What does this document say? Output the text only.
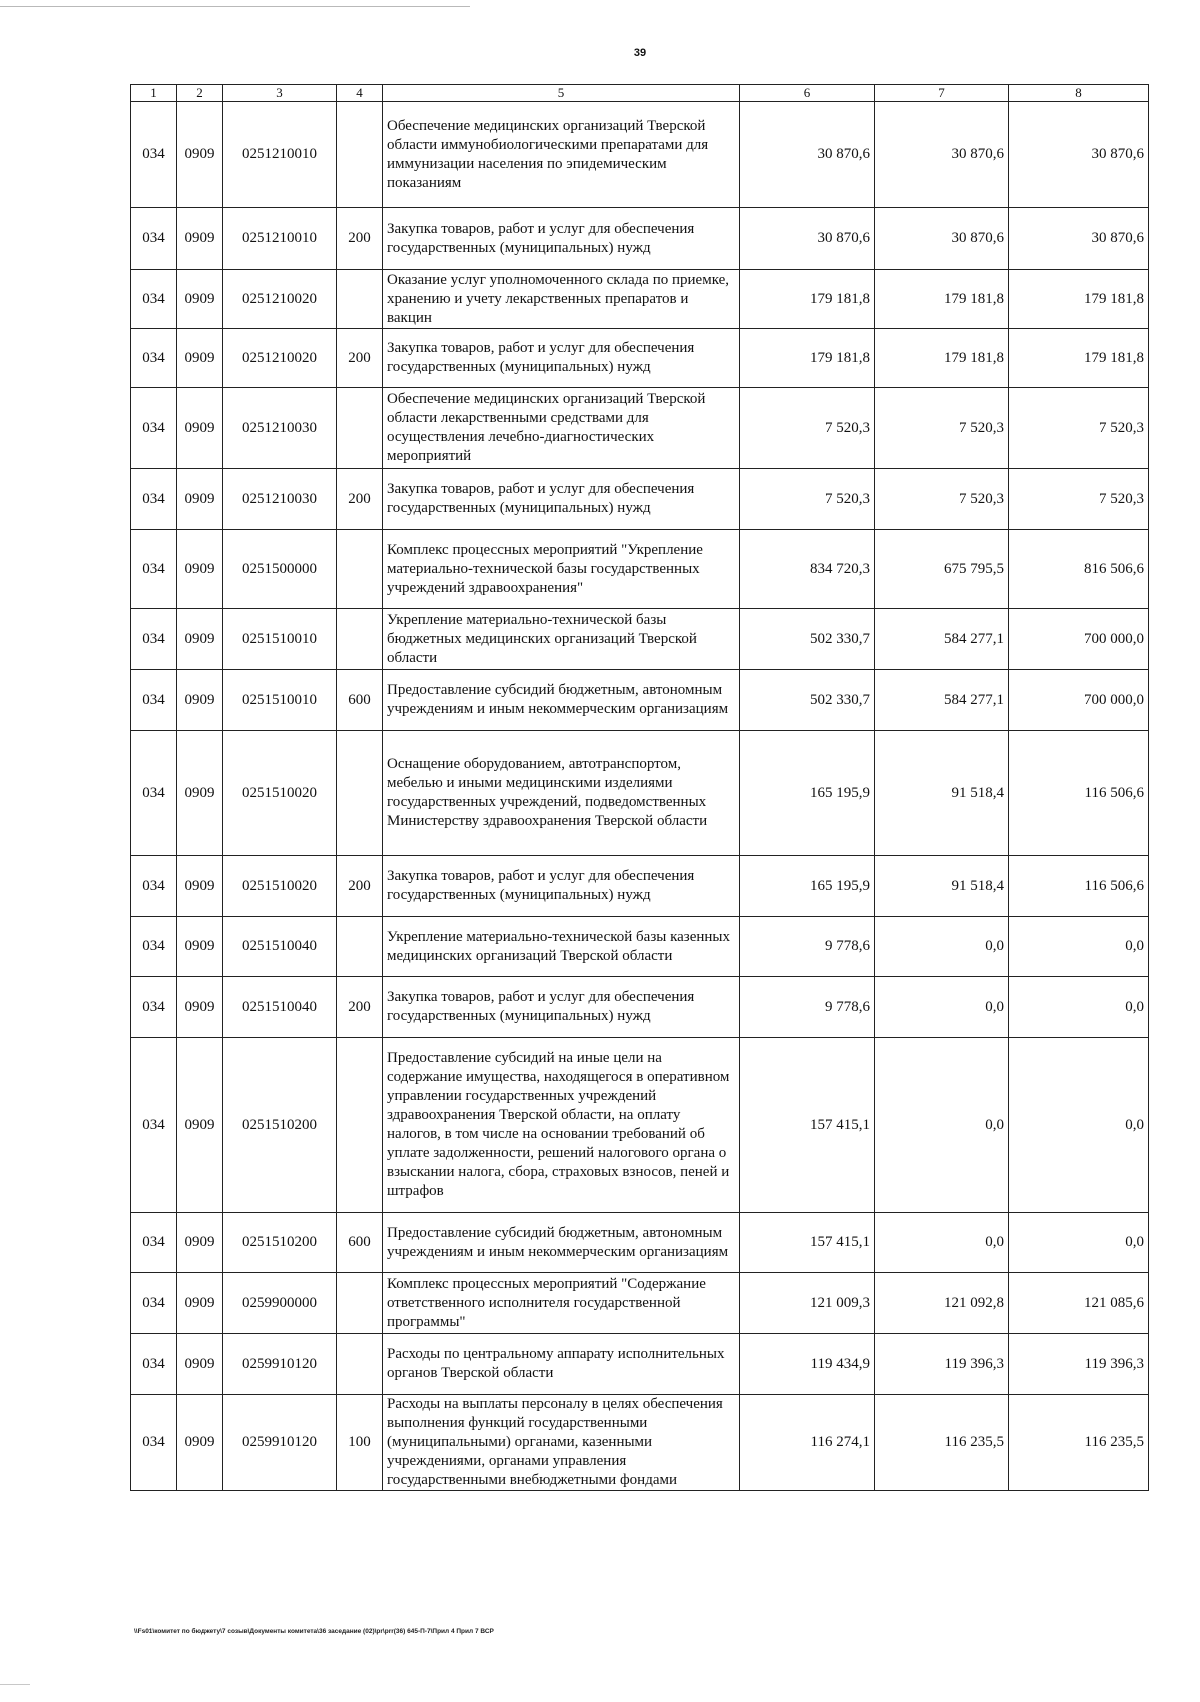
39
1	2	3	4	5	6	7	8
034	0909	0251210010		Обеспечение медицинских организаций Тверской области иммунобиологическими препаратами для иммунизации населения по эпидемическим показаниям	30 870,6	30 870,6	30 870,6
034	0909	0251210010	200	Закупка товаров, работ и услуг для обеспечения государственных (муниципальных) нужд	30 870,6	30 870,6	30 870,6
034	0909	0251210020		Оказание услуг уполномоченного склада по приемке, хранению и учету лекарственных препаратов и вакцин	179 181,8	179 181,8	179 181,8
034	0909	0251210020	200	Закупка товаров, работ и услуг для обеспечения государственных (муниципальных) нужд	179 181,8	179 181,8	179 181,8
034	0909	0251210030		Обеспечение медицинских организаций Тверской области лекарственными средствами для осуществления лечебно-диагностических мероприятий	7 520,3	7 520,3	7 520,3
034	0909	0251210030	200	Закупка товаров, работ и услуг для обеспечения государственных (муниципальных) нужд	7 520,3	7 520,3	7 520,3
034	0909	0251500000		Комплекс процессных мероприятий "Укрепление материально-технической базы государственных учреждений здравоохранения"	834 720,3	675 795,5	816 506,6
034	0909	0251510010		Укрепление материально-технической базы бюджетных медицинских организаций Тверской области	502 330,7	584 277,1	700 000,0
034	0909	0251510010	600	Предоставление субсидий бюджетным, автономным учреждениям и иным некоммерческим организациям	502 330,7	584 277,1	700 000,0
034	0909	0251510020		Оснащение оборудованием, автотранспортом, мебелью и иными медицинскими изделиями государственных учреждений, подведомственных Министерству здравоохранения Тверской области	165 195,9	91 518,4	116 506,6
034	0909	0251510020	200	Закупка товаров, работ и услуг для обеспечения государственных (муниципальных) нужд	165 195,9	91 518,4	116 506,6
034	0909	0251510040		Укрепление материально-технической базы казенных медицинских организаций Тверской области	9 778,6	0,0	0,0
034	0909	0251510040	200	Закупка товаров, работ и услуг для обеспечения государственных (муниципальных) нужд	9 778,6	0,0	0,0
034	0909	0251510200		Предоставление субсидий на иные цели на содержание имущества, находящегося в оперативном управлении государственных учреждений здравоохранения Тверской области, на оплату налогов, в том числе на основании требований об уплате задолженности, решений налогового органа о взыскании налога, сбора, страховых взносов, пеней и штрафов	157 415,1	0,0	0,0
034	0909	0251510200	600	Предоставление субсидий бюджетным, автономным учреждениям и иным некоммерческим организациям	157 415,1	0,0	0,0
034	0909	0259900000		Комплекс процессных мероприятий "Содержание ответственного исполнителя государственной программы"	121 009,3	121 092,8	121 085,6
034	0909	0259910120		Расходы по центральному аппарату исполнительных органов Тверской области	119 434,9	119 396,3	119 396,3
034	0909	0259910120	100	Расходы на выплаты персоналу в целях обеспечения выполнения функций государственными (муниципальными) органами, казенными учреждениями, органами управления государственными внебюджетными фондами	116 274,1	116 235,5	116 235,5
\\Fs01\комитет по бюджету\7 созыв\Документы комитета\36 заседание (02)\pr\prr(36) 645-П-7\Прил 4 Прил 7 ВСР
